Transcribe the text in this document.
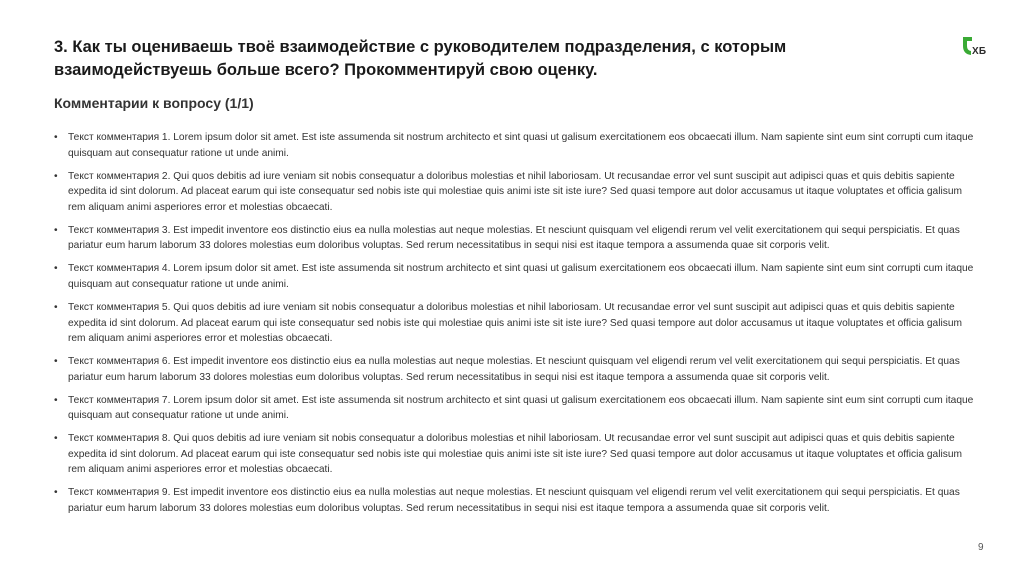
3. Как ты оцениваешь твоё взаимодействие с руководителем подразделения, с которым взаимодействуешь больше всего? Прокомментируй свою оценку.
ХБ
Комментарии к вопросу (1/1)
•	Текст комментария 1. Lorem ipsum dolor sit amet. Est iste assumenda sit nostrum architecto et sint quasi ut galisum exercitationem eos obcaecati illum. Nam sapiente sint eum sint corrupti cum itaque quisquam aut consequatur ratione ut unde animi.
•	Текст комментария 2. Qui quos debitis ad iure veniam sit nobis consequatur a doloribus molestias et nihil laboriosam. Ut recusandae error vel sunt suscipit aut adipisci quas et quis debitis sapiente expedita id sint dolorum. Ad placeat earum qui iste consequatur sed nobis iste qui molestiae quis animi iste sit iste iure? Sed quasi tempore aut dolor accusamus ut itaque voluptates et officia galisum rem aliquam animi asperiores error et molestias obcaecati.
•	Текст комментария 3. Est impedit inventore eos distinctio eius ea nulla molestias aut neque molestias. Et nesciunt quisquam vel eligendi rerum vel velit exercitationem qui sequi perspiciatis. Et quas pariatur eum harum laborum 33 dolores molestias eum doloribus voluptas. Sed rerum necessitatibus in sequi nisi est itaque tempora a assumenda quae sit corporis velit.
•	Текст комментария 4. Lorem ipsum dolor sit amet. Est iste assumenda sit nostrum architecto et sint quasi ut galisum exercitationem eos obcaecati illum. Nam sapiente sint eum sint corrupti cum itaque quisquam aut consequatur ratione ut unde animi.
•	Текст комментария 5. Qui quos debitis ad iure veniam sit nobis consequatur a doloribus molestias et nihil laboriosam. Ut recusandae error vel sunt suscipit aut adipisci quas et quis debitis sapiente expedita id sint dolorum. Ad placeat earum qui iste consequatur sed nobis iste qui molestiae quis animi iste sit iste iure? Sed quasi tempore aut dolor accusamus ut itaque voluptates et officia galisum rem aliquam animi asperiores error et molestias obcaecati.
•	Текст комментария 6. Est impedit inventore eos distinctio eius ea nulla molestias aut neque molestias. Et nesciunt quisquam vel eligendi rerum vel velit exercitationem qui sequi perspiciatis. Et quas pariatur eum harum laborum 33 dolores molestias eum doloribus voluptas. Sed rerum necessitatibus in sequi nisi est itaque tempora a assumenda quae sit corporis velit.
•	Текст комментария 7. Lorem ipsum dolor sit amet. Est iste assumenda sit nostrum architecto et sint quasi ut galisum exercitationem eos obcaecati illum. Nam sapiente sint eum sint corrupti cum itaque quisquam aut consequatur ratione ut unde animi.
•	Текст комментария 8. Qui quos debitis ad iure veniam sit nobis consequatur a doloribus molestias et nihil laboriosam. Ut recusandae error vel sunt suscipit aut adipisci quas et quis debitis sapiente expedita id sint dolorum. Ad placeat earum qui iste consequatur sed nobis iste qui molestiae quis animi iste sit iste iure? Sed quasi tempore aut dolor accusamus ut itaque voluptates et officia galisum rem aliquam animi asperiores error et molestias obcaecati.
•	Текст комментария 9. Est impedit inventore eos distinctio eius ea nulla molestias aut neque molestias. Et nesciunt quisquam vel eligendi rerum vel velit exercitationem qui sequi perspiciatis. Et quas pariatur eum harum laborum 33 dolores molestias eum doloribus voluptas. Sed rerum necessitatibus in sequi nisi est itaque tempora a assumenda quae sit corporis velit.
9
